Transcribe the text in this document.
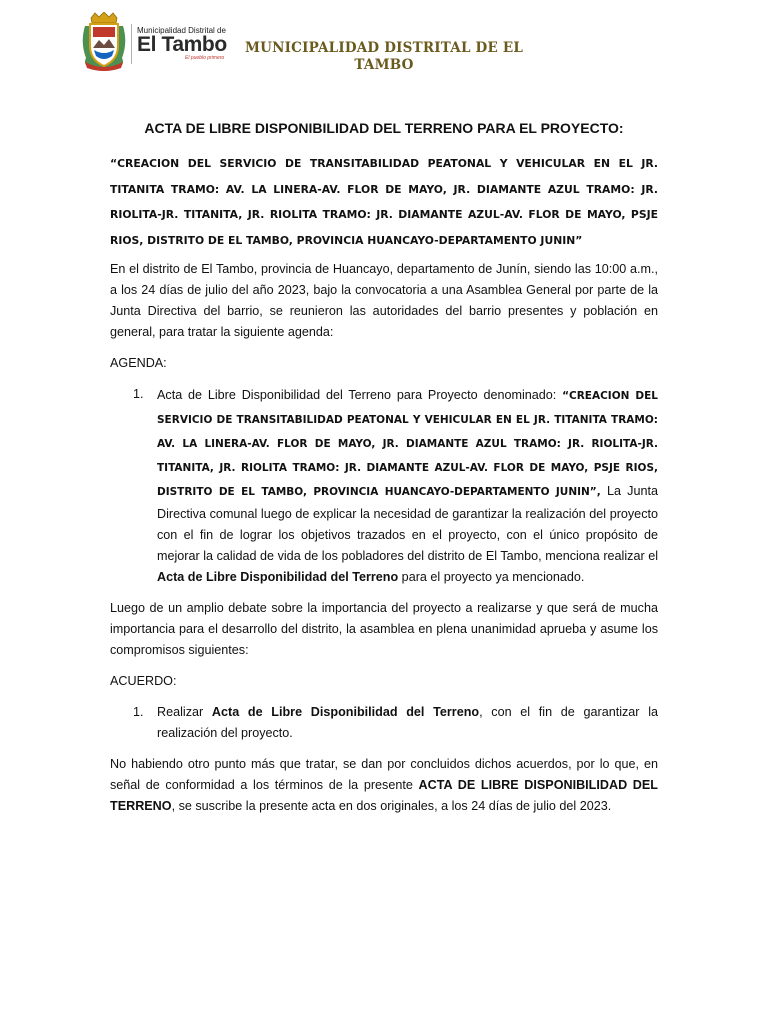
Municipalidad Distrital de
El Tambo
El pueblo primero
MUNICIPALIDAD DISTRITAL DE EL
TAMBO
ACTA DE LIBRE DISPONIBILIDAD DEL TERRENO PARA EL PROYECTO:
“CREACION DEL SERVICIO DE TRANSITABILIDAD PEATONAL Y VEHICULAR EN EL JR. TITANITA TRAMO: AV. LA LINERA-AV. FLOR DE MAYO, JR. DIAMANTE AZUL TRAMO: JR. RIOLITA-JR. TITANITA, JR. RIOLITA TRAMO: JR. DIAMANTE AZUL-AV. FLOR DE MAYO, PSJE RIOS, DISTRITO DE EL TAMBO, PROVINCIA HUANCAYO-DEPARTAMENTO JUNIN”
En el distrito de El Tambo, provincia de Huancayo, departamento de Junín, siendo las 10:00 a.m., a los 24 días de julio del año 2023, bajo la convocatoria a una Asamblea General por parte de la Junta Directiva del barrio, se reunieron las autoridades del barrio presentes y población en general, para tratar la siguiente agenda:
AGENDA:
1. Acta de Libre Disponibilidad del Terreno para Proyecto denominado: “CREACION DEL SERVICIO DE TRANSITABILIDAD PEATONAL Y VEHICULAR EN EL JR. TITANITA TRAMO: AV. LA LINERA-AV. FLOR DE MAYO, JR. DIAMANTE AZUL TRAMO: JR. RIOLITA-JR. TITANITA, JR. RIOLITA TRAMO: JR. DIAMANTE AZUL-AV. FLOR DE MAYO, PSJE RIOS, DISTRITO DE EL TAMBO, PROVINCIA HUANCAYO-DEPARTAMENTO JUNIN”, La Junta Directiva comunal luego de explicar la necesidad de garantizar la realización del proyecto con el fin de lograr los objetivos trazados en el proyecto, con el único propósito de mejorar la calidad de vida de los pobladores del distrito de El Tambo, menciona realizar el Acta de Libre Disponibilidad del Terreno para el proyecto ya mencionado.
Luego de un amplio debate sobre la importancia del proyecto a realizarse y que será de mucha importancia para el desarrollo del distrito, la asamblea en plena unanimidad aprueba y asume los compromisos siguientes:
ACUERDO:
1. Realizar Acta de Libre Disponibilidad del Terreno, con el fin de garantizar la realización del proyecto.
No habiendo otro punto más que tratar, se dan por concluidos dichos acuerdos, por lo que, en señal de conformidad a los términos de la presente ACTA DE LIBRE DISPONIBILIDAD DEL TERRENO, se suscribe la presente acta en dos originales, a los 24 días de julio del 2023.
